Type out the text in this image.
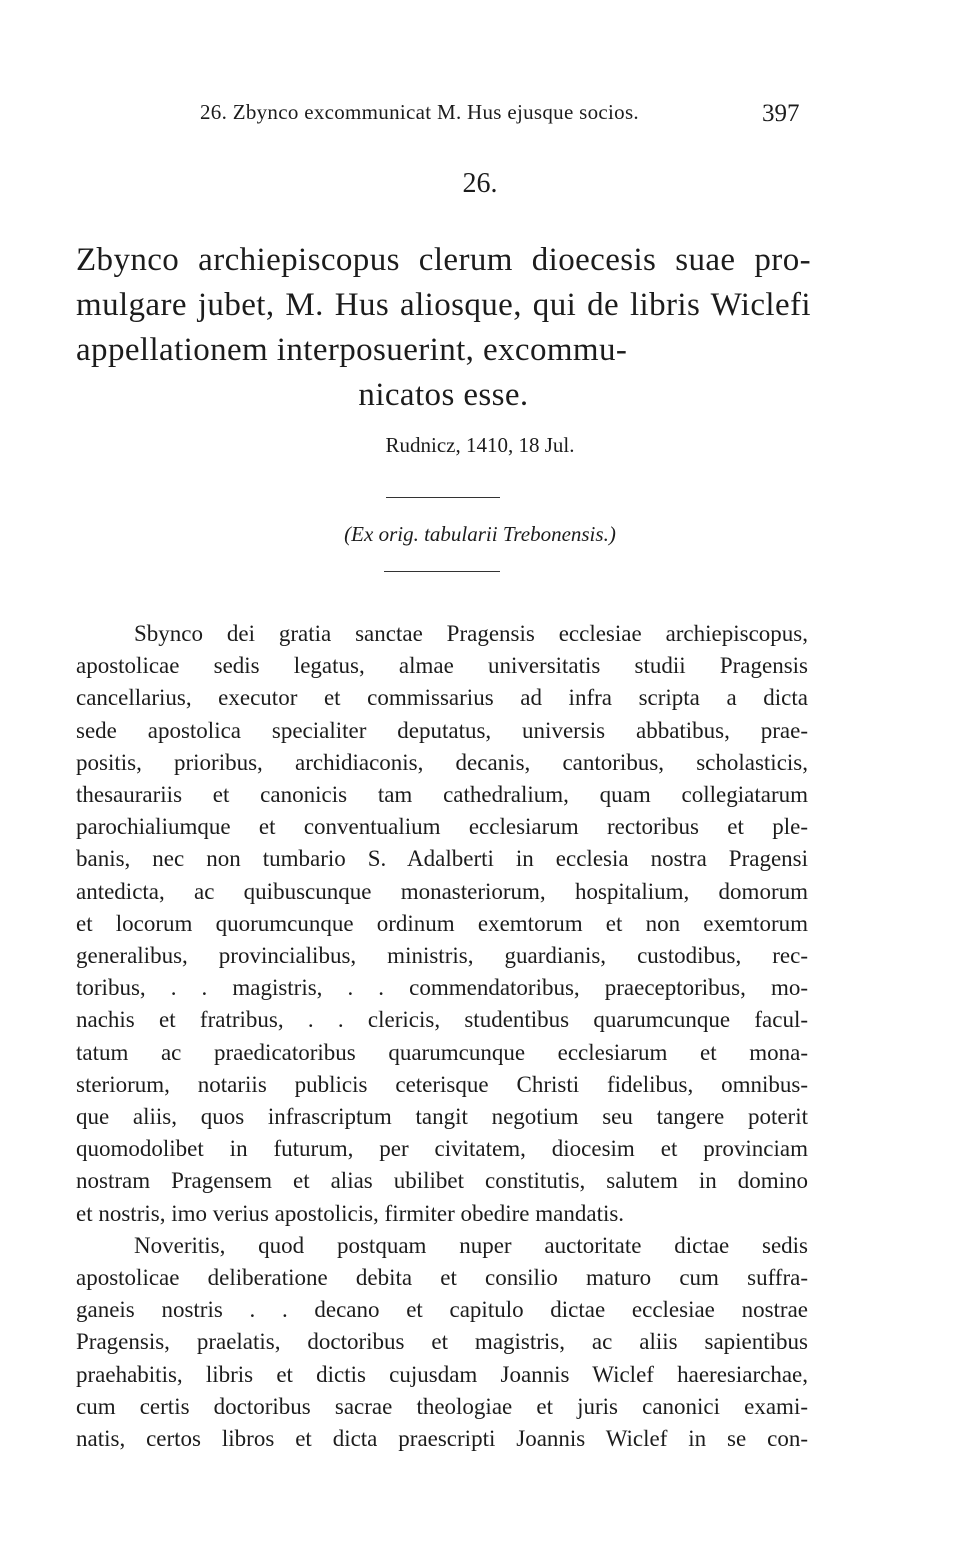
26. Zbynco excommunicat M. Hus ejusque socios.	397
26.
Zbynco archiepiscopus clerum dioecesis suae pro- mulgare jubet, M. Hus aliosque, qui de libris Wiclefi appellationem interposuerint, excommu-
nicatos esse.
Rudnicz, 1410, 18 Jul.
(Ex orig. tabularii Trebonensis.)
Sbynco dei gratia sanctae Pragensis ecclesiae archiepiscopus,
apostolicae sedis legatus, almae universitatis studii Pragensis
cancellarius, executor et commissarius ad infra scripta a dicta
sede apostolica specialiter deputatus, universis abbatibus, prae-
positis, prioribus, archidiaconis, decanis, cantoribus, scholasticis,
thesaurariis et canonicis tam cathedralium, quam collegiatarum
parochialiumque et conventualium ecclesiarum rectoribus et ple-
banis, nec non tumbario S. Adalberti in ecclesia nostra Pragensi
antedicta, ac quibuscunque monasteriorum, hospitalium, domorum
et locorum quorumcunque ordinum exemtorum et non exemtorum
generalibus, provincialibus, ministris, guardianis, custodibus, rec-
toribus, . . magistris, . . commendatoribus, praeceptoribus, mo-
nachis et fratribus, . . clericis, studentibus quarumcunque facul-
tatum ac praedicatoribus quarumcunque ecclesiarum et mona-
steriorum, notariis publicis ceterisque Christi fidelibus, omnibus-
que aliis, quos infrascriptum tangit negotium seu tangere poterit
quomodolibet in futurum, per civitatem, diocesim et provinciam
nostram Pragensem et alias ubilibet constitutis, salutem in domino
et nostris, imo verius apostolicis, firmiter obedire mandatis.
Noveritis, quod postquam nuper auctoritate dictae sedis
apostolicae deliberatione debita et consilio maturo cum suffra-
ganeis nostris . . decano et capitulo dictae ecclesiae nostrae
Pragensis, praelatis, doctoribus et magistris, ac aliis sapientibus
praehabitis, libris et dictis cujusdam Joannis Wiclef haeresiarchae,
cum certis doctoribus sacrae theologiae et juris canonici exami-
natis, certos libros et dicta praescripti Joannis Wiclef in se con-
